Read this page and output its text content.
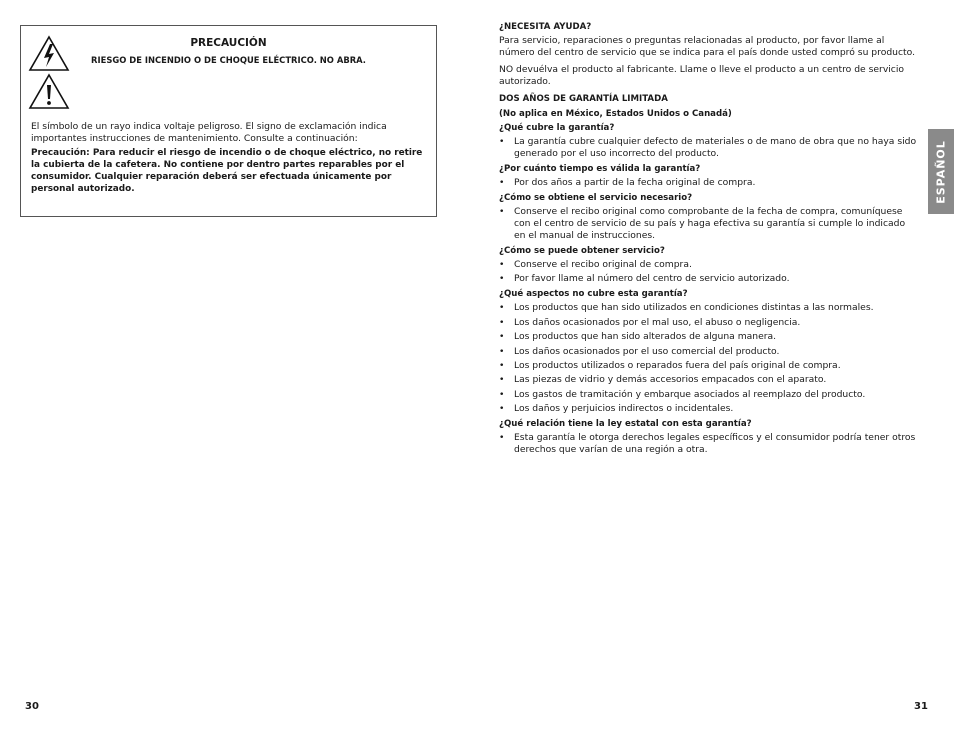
PRECAUCIÓN
RIESGO DE INCENDIO O DE CHOQUE ELÉCTRICO. NO ABRA.
El símbolo de un rayo indica voltaje peligroso. El signo de exclamación indica importantes instrucciones de mantenimiento. Consulte a continuación:
Precaución: Para reducir el riesgo de incendio o de choque eléctrico, no retire la cubierta de la cafetera. No contiene por dentro partes reparables por el consumidor. Cualquier reparación deberá ser efectuada únicamente por personal autorizado.

¿NECESITA AYUDA?

Para servicio, reparaciones o preguntas relacionadas al producto, por favor llame al número del centro de servicio que se indica para el país donde usted compró su producto.

NO devuélva el producto al fabricante. Llame o lleve el producto a un centro de servicio autorizado.

DOS AÑOS DE GARANTÍA LIMITADA

(No aplica en México, Estados Unidos o Canadá)

¿Qué cubre la garantía?

•	La garantía cubre cualquier defecto de materiales o de mano de obra que no haya sido generado por el uso incorrecto del producto.

¿Por cuánto tiempo es válida la garantía?

•	Por dos años a partir de la fecha original de compra.

¿Cómo se obtiene el servicio necesario?

•	Conserve el recibo original como comprobante de la fecha de compra, comuníquese con el centro de servicio de su país y haga efectiva su garantía si cumple lo indicado en el manual de instrucciones.

¿Cómo se puede obtener servicio?

•	Conserve el recibo original de compra.
•	Por favor llame al número del centro de servicio autorizado.

¿Qué aspectos no cubre esta garantía?

•	Los productos que han sido utilizados en condiciones distintas a las normales.
•	Los daños ocasionados por el mal uso, el abuso o negligencia.
•	Los productos que han sido alterados de alguna manera.
•	Los daños ocasionados por el uso comercial del producto.
•	Los productos utilizados o reparados fuera del país original de compra.
•	Las piezas de vidrio y demás accesorios empacados con el aparato.
•	Los gastos de tramitación y embarque asociados al reemplazo del producto.
•	Los daños y perjuicios indirectos o incidentales.

¿Qué relación tiene la ley estatal con esta garantía?

•	Esta garantía le otorga derechos legales específicos y el consumidor podría tener otros derechos que varían de una región a otra.
ESPAÑOL
30	31
